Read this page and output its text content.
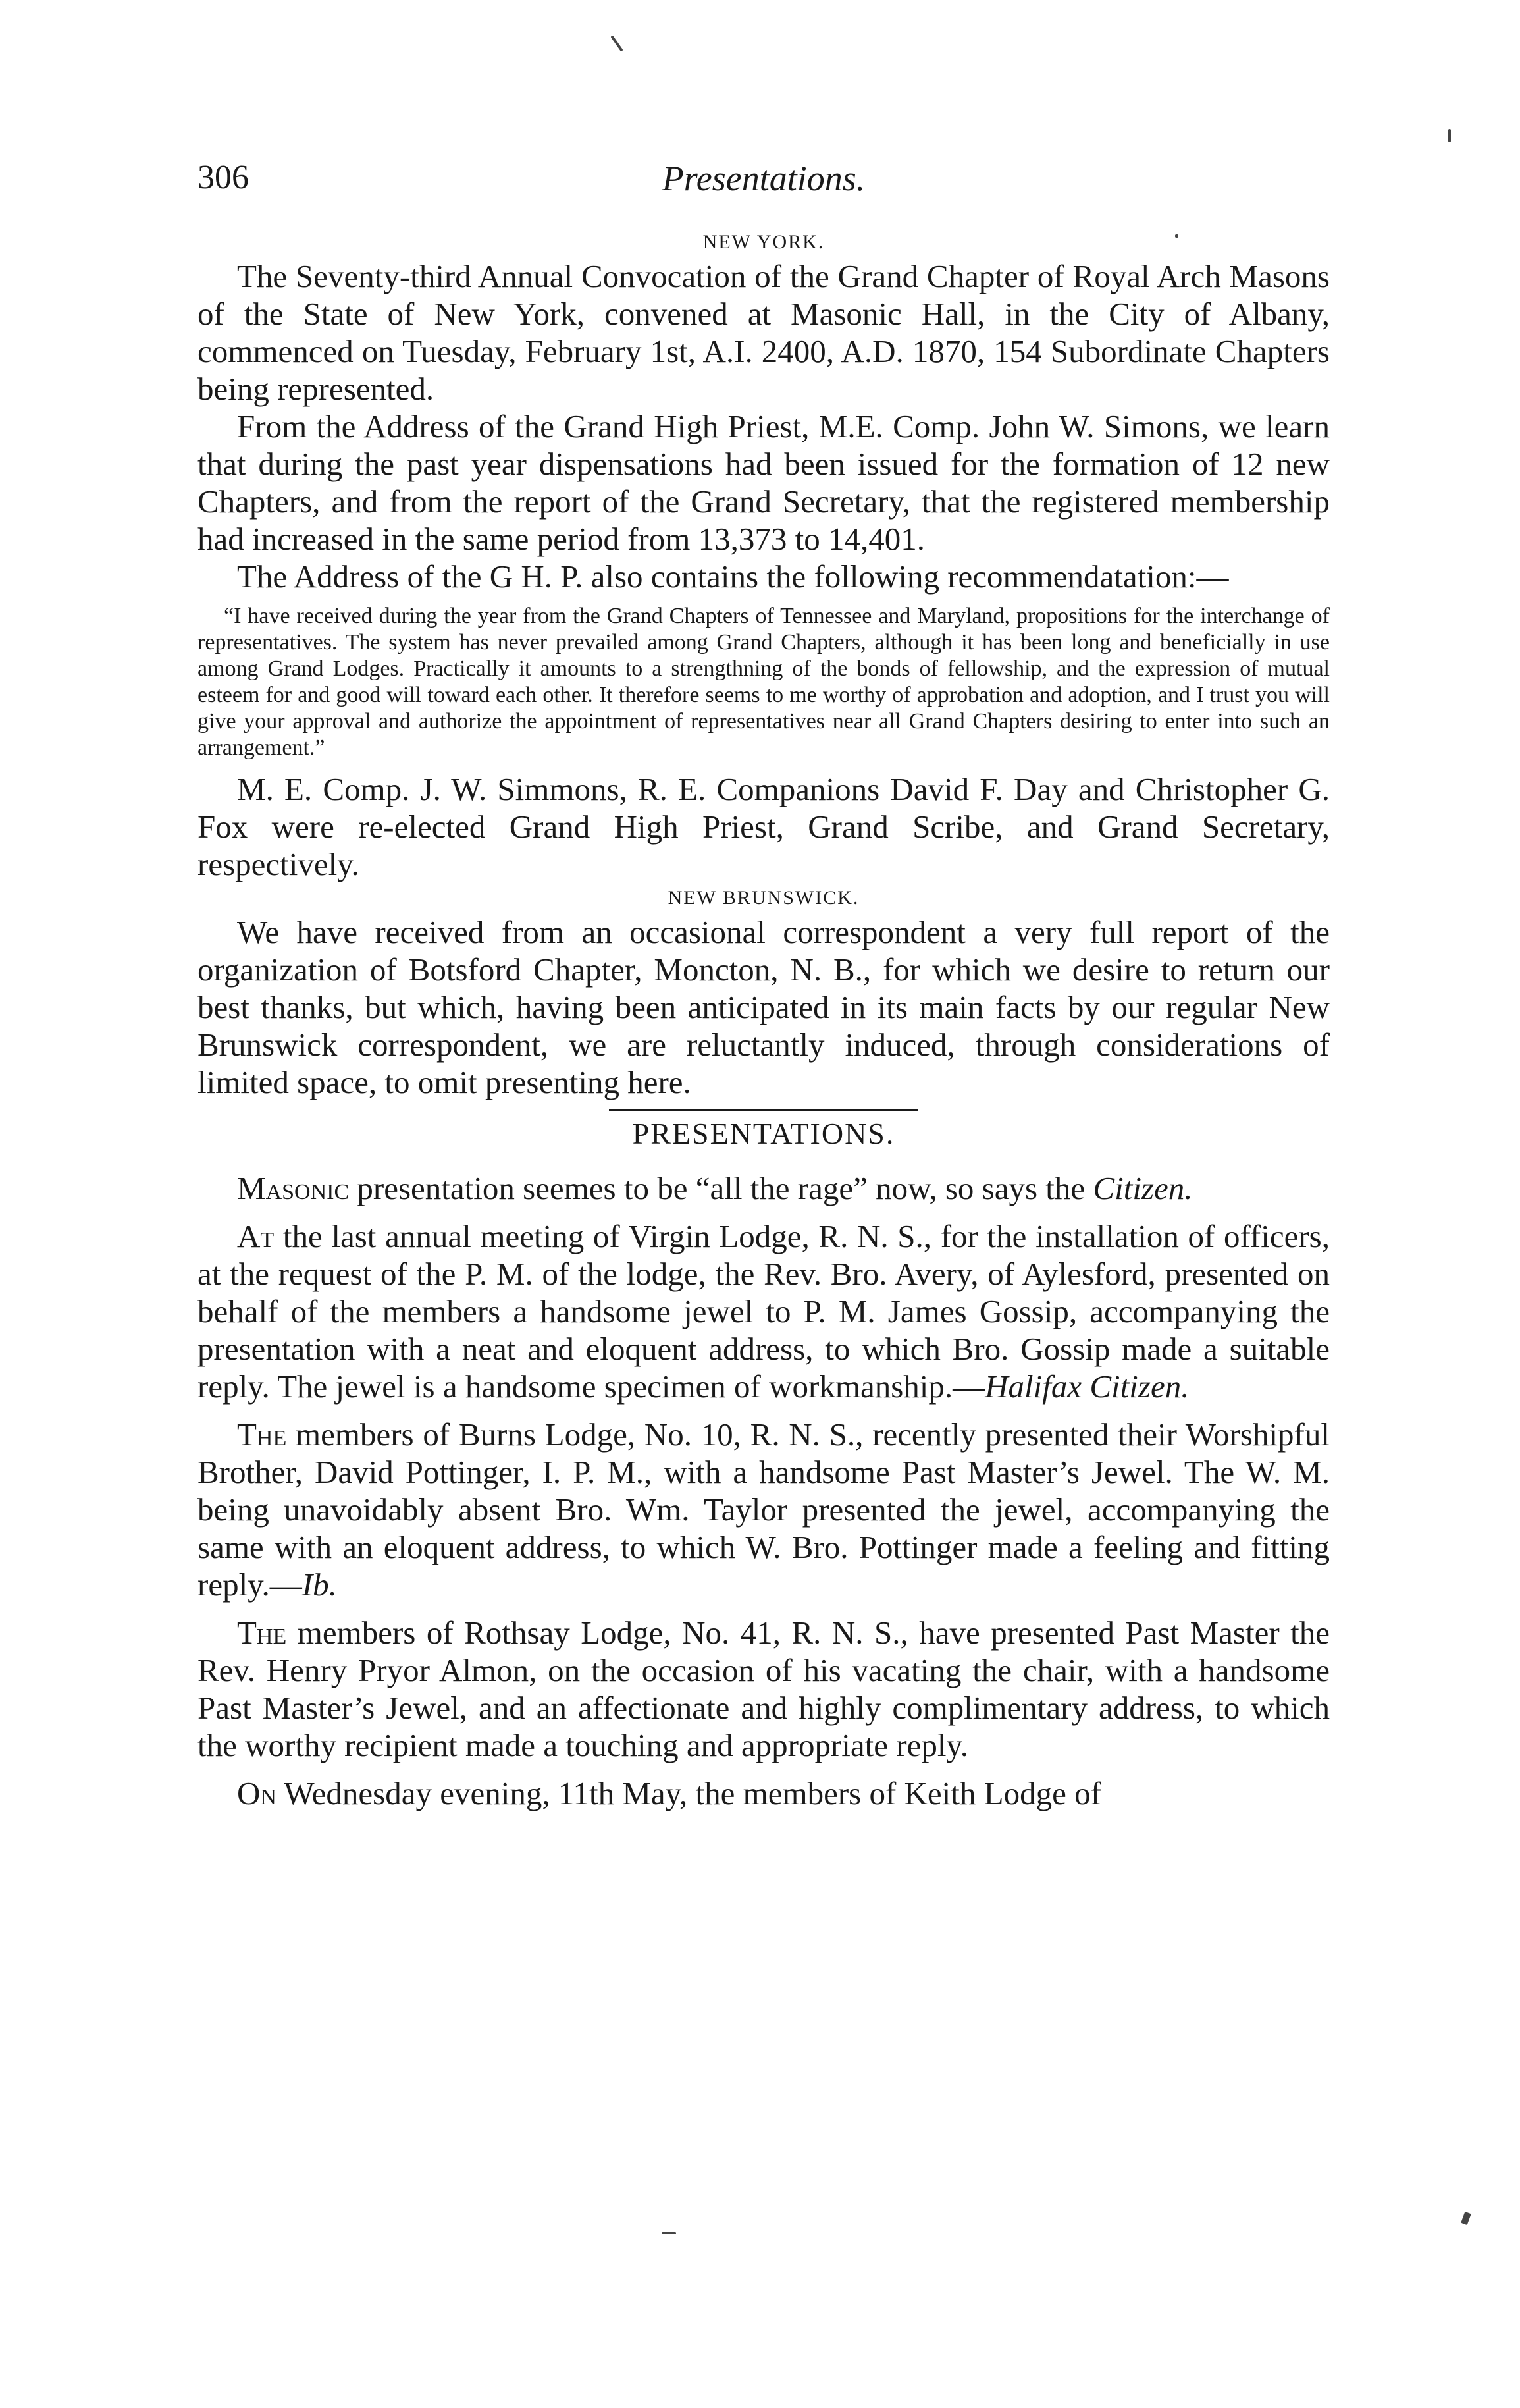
306	Presentations.
NEW YORK.

The Seventy-third Annual Convocation of the Grand Chapter of Royal Arch Masons of the State of New York, convened at Masonic Hall, in the City of Albany, commenced on Tuesday, February 1st, A.I. 2400, A.D. 1870, 154 Subordinate Chapters being represented.

From the Address of the Grand High Priest, M.E. Comp. John W. Simons, we learn that during the past year dispensations had been issued for the formation of 12 new Chapters, and from the report of the Grand Secretary, that the registered membership had increased in the same period from 13,373 to 14,401.

The Address of the G H. P. also contains the following recommendatation:—

“I have received during the year from the Grand Chapters of Tennessee and Maryland, propositions for the interchange of representatives. The system has never prevailed among Grand Chapters, although it has been long and beneficially in use among Grand Lodges. Practically it amounts to a strengthning of the bonds of fellowship, and the expression of mutual esteem for and good will toward each other. It therefore seems to me worthy of approbation and adoption, and I trust you will give your approval and authorize the appointment of representatives near all Grand Chapters desiring to enter into such an arrangement.”

M. E. Comp. J. W. Simmons, R. E. Companions David F. Day and Christopher G. Fox were re-elected Grand High Priest, Grand Scribe, and Grand Secretary, respectively.

NEW BRUNSWICK.

We have received from an occasional correspondent a very full report of the organization of Botsford Chapter, Moncton, N. B., for which we desire to return our best thanks, but which, having been anticipated in its main facts by our regular New Brunswick correspondent, we are reluctantly induced, through considerations of limited space, to omit presenting here.

PRESENTATIONS.

Masonic presentation seemes to be “all the rage” now, so says the Citizen.

At the last annual meeting of Virgin Lodge, R. N. S., for the installation of officers, at the request of the P. M. of the lodge, the Rev. Bro. Avery, of Aylesford, presented on behalf of the members a handsome jewel to P. M. James Gossip, accompanying the presentation with a neat and eloquent address, to which Bro. Gossip made a suitable reply. The jewel is a handsome specimen of workmanship.—Halifax Citizen.

The members of Burns Lodge, No. 10, R. N. S., recently presented their Worshipful Brother, David Pottinger, I. P. M., with a handsome Past Master’s Jewel. The W. M. being unavoidably absent Bro. Wm. Taylor presented the jewel, accompanying the same with an eloquent address, to which W. Bro. Pottinger made a feeling and fitting reply.—Ib.

The members of Rothsay Lodge, No. 41, R. N. S., have presented Past Master the Rev. Henry Pryor Almon, on the occasion of his vacating the chair, with a handsome Past Master’s Jewel, and an affectionate and highly complimentary address, to which the worthy recipient made a touching and appropriate reply.

On Wednesday evening, 11th May, the members of Keith Lodge of
